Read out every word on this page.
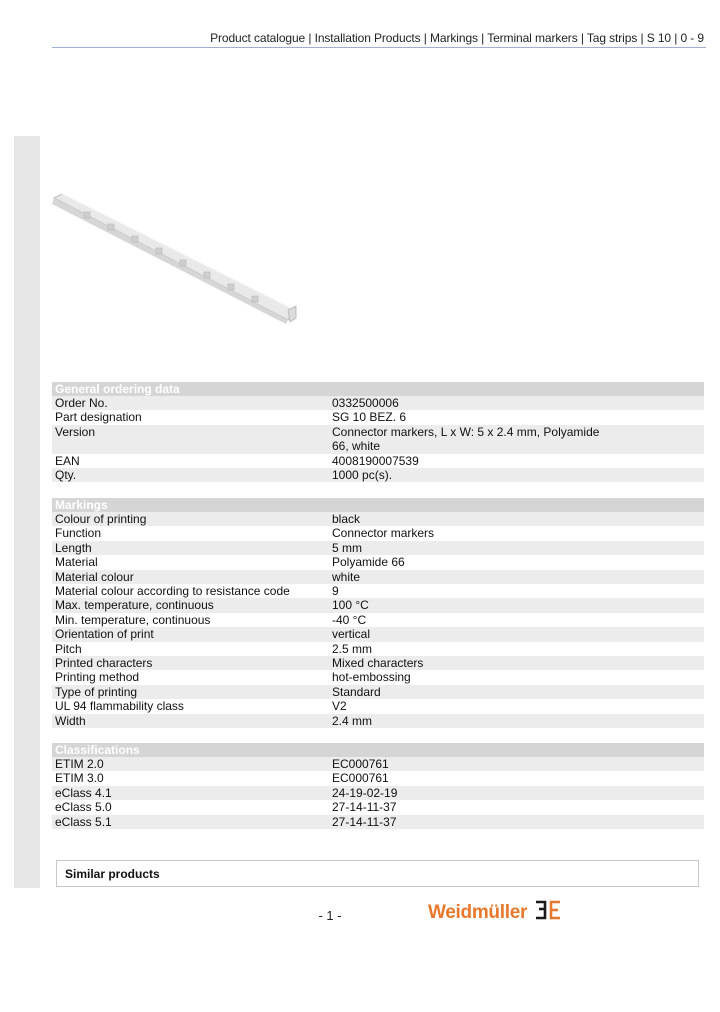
Product catalogue | Installation Products | Markings | Terminal markers | Tag strips | S 10 | 0 - 9
General ordering data
Order No.	0332500006
Part designation	SG 10 BEZ. 6
Version	Connector markers, L x W: 5 x 2.4 mm, Polyamide
66, white
EAN	4008190007539
Qty.	1000 pc(s).
Markings
Colour of printing	black
Function	Connector markers
Length	5 mm
Material	Polyamide 66
Material colour	white
Material colour according to resistance code	9
Max. temperature, continuous	100 °C
Min. temperature, continuous	-40 °C
Orientation of print	vertical
Pitch	2.5 mm
Printed characters	Mixed characters
Printing method	hot-embossing
Type of printing	Standard
UL 94 flammability class	V2
Width	2.4 mm
Classifications
ETIM 2.0	EC000761
ETIM 3.0	EC000761
eClass 4.1	24-19-02-19
eClass 5.0	27-14-11-37
eClass 5.1	27-14-11-37
Similar products
- 1 -	Weidmüller
